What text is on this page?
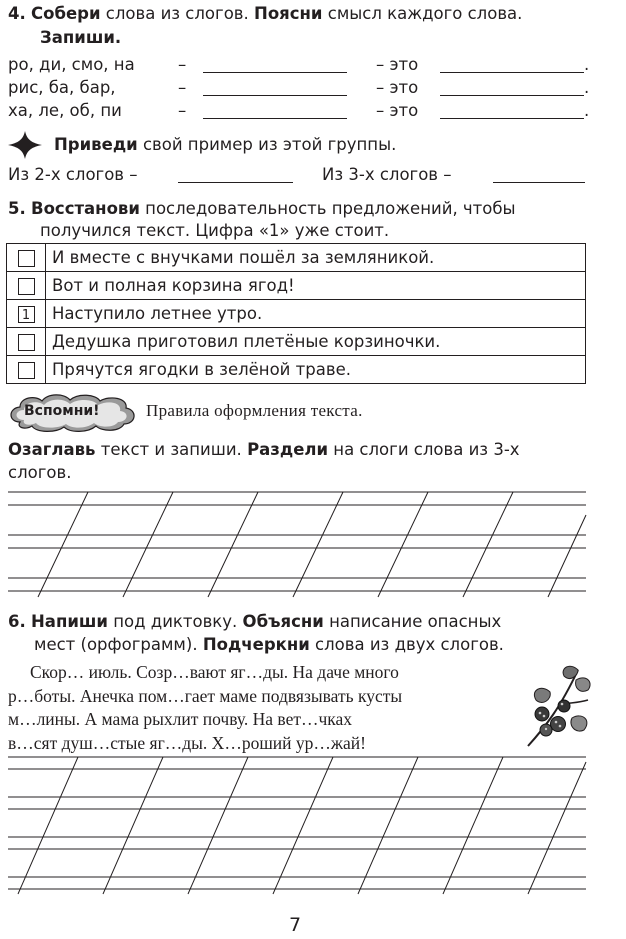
4. Собери слова из слогов. Поясни смысл каждого слова.
Запиши.
ро, ди, смо, на	–	– это	.
рис, ба, бар,	–	– это	.
ха, ле, об, пи	–	– это	.
Приведи свой пример из этой группы.
Из 2-х слогов –	Из 3-х слогов –
5. Восстанови последовательность предложений, чтобы
получился текст. Цифра «1» уже стоит.
	И вместе с внучками пошёл за земляникой.
	Вот и полная корзина ягод!
1	Наступило летнее утро.
	Дедушка приготовил плетёные корзиночки.
	Прячутся ягодки в зелёной траве.
Вспомни!	Правила оформления текста.
Озаглавь текст и запиши. Раздели на слоги слова из 3-х
слогов.
6. Напиши под диктовку. Объясни написание опасных
мест (орфограмм). Подчеркни слова из двух слогов.
Скор… июль. Созр…вают яг…ды. На даче много
р…боты. Анечка пом…гает маме подвязывать кусты
м…лины. А мама рыхлит почву. На вет…чках
в…сят душ…стые яг…ды. Х…роший ур…жай!
7
